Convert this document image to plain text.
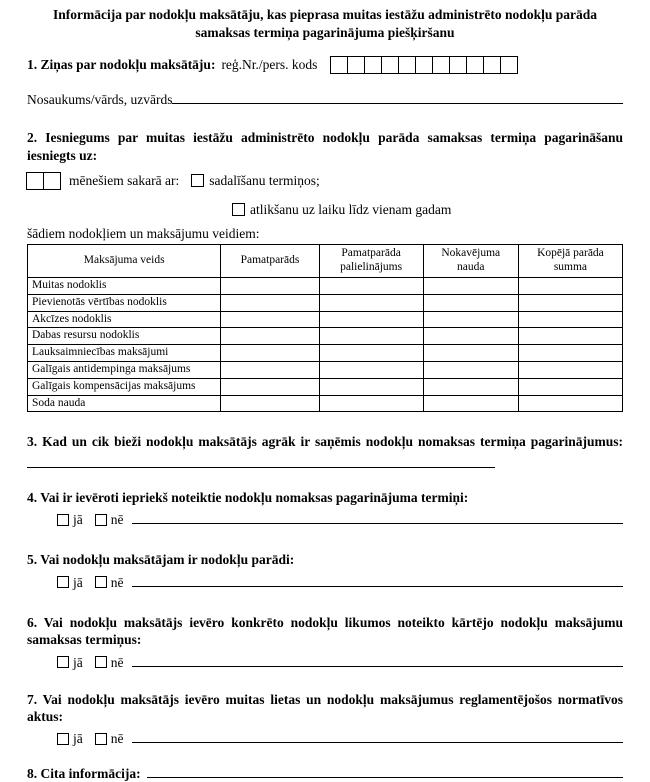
Informācija par nodokļu maksātāju, kas pieprasa muitas iestāžu administrēto nodokļu parāda samaksas termiņa pagarinājuma piešķiršanu
1. Ziņas par nodokļu maksātāju: reģ.Nr./pers. kods
Nosaukums/vārds, uzvārds

2. Iesniegums par muitas iestāžu administrēto nodokļu parāda samaksas termiņa pagarināšanu iesniegts uz:

mēnešiem sakarā ar: sadalīšanu termiņos;
atlikšanu uz laiku līdz vienam gadam

šādiem nodokļiem un maksājumu veidiem:

Maksājuma veids	Pamatparāds	Pamatparāda palielinājums	Nokavējuma nauda	Kopējā parāda summa
Muitas nodoklis				
Pievienotās vērtības nodoklis				
Akcīzes nodoklis				
Dabas resursu nodoklis				
Lauksaimniecības maksājumi				
Galīgais antidempinga maksājums				
Galīgais kompensācijas maksājums				
Soda nauda				

3. Kad un cik bieži nodokļu maksātājs agrāk ir saņēmis nodokļu nomaksas termiņa pagarinājumus:

4. Vai ir ievēroti iepriekš noteiktie nodokļu nomaksas pagarinājuma termiņi:

jā nē

5. Vai nodokļu maksātājam ir nodokļu parādi:

jā nē

6. Vai nodokļu maksātājs ievēro konkrēto nodokļu likumos noteikto kārtējo nodokļu maksājumu samaksas termiņus:

jā nē

7. Vai nodokļu maksātājs ievēro muitas lietas un nodokļu maksājumus reglamentējošos normatīvos aktus:

jā nē
8. Cita informācija:
